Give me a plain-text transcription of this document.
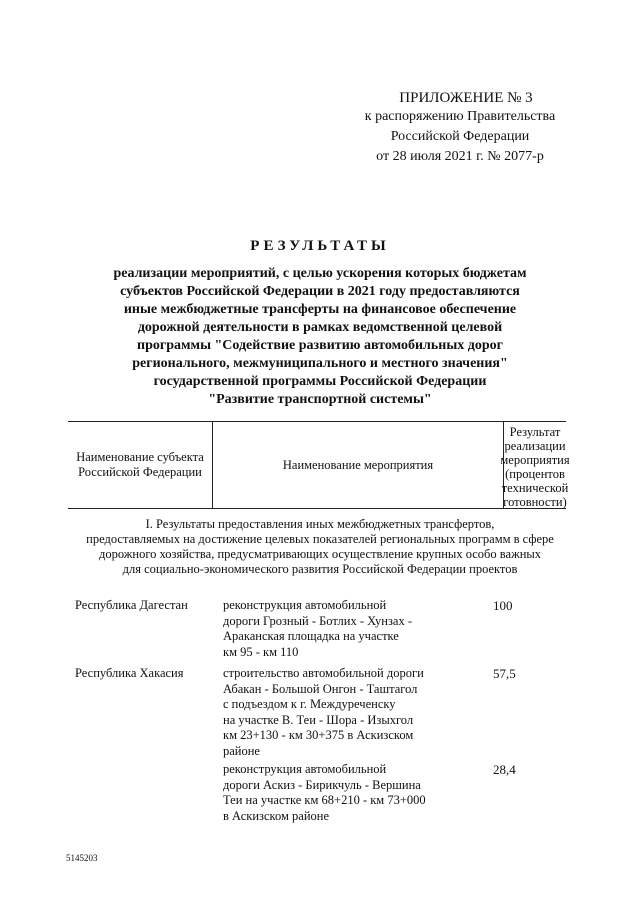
ПРИЛОЖЕНИЕ № 3
к распоряжению Правительства
Российской Федерации
от 28 июля 2021 г. № 2077-р
РЕЗУЛЬТАТЫ
реализации мероприятий, с целью ускорения которых бюджетам
субъектов Российской Федерации в 2021 году предоставляются
иные межбюджетные трансферты на финансовое обеспечение
дорожной деятельности в рамках ведомственной целевой
программы "Содействие развитию автомобильных дорог
регионального, межмуниципального и местного значения"
государственной программы Российской Федерации
"Развитие транспортной системы"
Наименование субъекта
Российской Федерации
Наименование мероприятия
Результат
реализации
мероприятия
(процентов
технической
готовности)
I. Результаты предоставления иных межбюджетных трансфертов,
предоставляемых на достижение целевых показателей региональных программ в сфере
дорожного хозяйства, предусматривающих осуществление крупных особо важных
для социально-экономического развития Российской Федерации проектов
Республика Дагестан	реконструкция автомобильной
дороги Грозный - Ботлих - Хунзах -
Араканская площадка на участке
км 95 - км 110
100
Республика Хакасия	строительство автомобильной дороги
Абакан - Большой Онгон - Таштагол
с подъездом к г. Междуреченску
на участке В. Теи - Шора - Изыхгол
км 23+130 - км 30+375 в Аскизском
районе
57,5
реконструкция автомобильной
дороги Аскиз - Бирикчуль - Вершина
Теи на участке км 68+210 - км 73+000
в Аскизском районе
28,4
5145203
